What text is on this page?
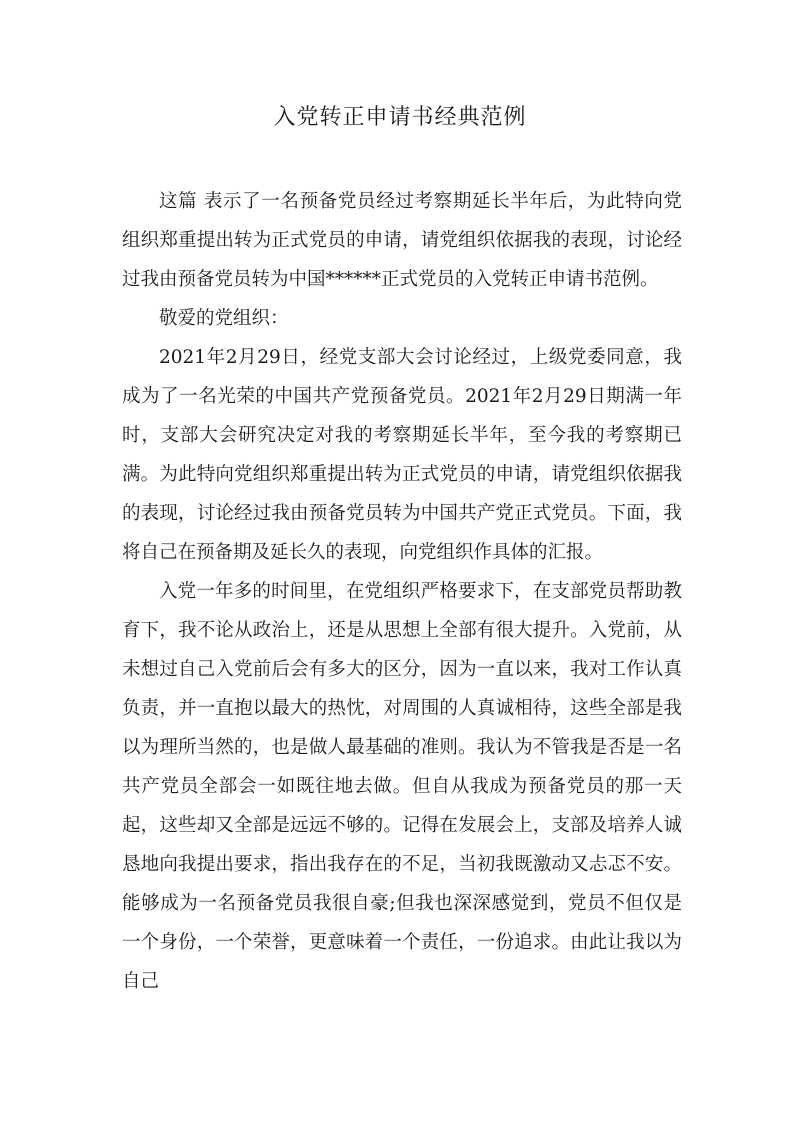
入党转正申请书经典范例

这篇 表示了一名预备党员经过考察期延长半年后，为此特向党组织郑重提出转为正式党员的申请，请党组织依据我的表现，讨论经过我由预备党员转为中国******正式党员的入党转正申请书范例。

敬爱的党组织：

2021年2月29日，经党支部大会讨论经过，上级党委同意，我成为了一名光荣的中国共产党预备党员。2021年2月29日期满一年时，支部大会研究决定对我的考察期延长半年，至今我的考察期已满。为此特向党组织郑重提出转为正式党员的申请，请党组织依据我的表现，讨论经过我由预备党员转为中国共产党正式党员。下面，我将自己在预备期及延长久的表现，向党组织作具体的汇报。

入党一年多的时间里，在党组织严格要求下，在支部党员帮助教育下，我不论从政治上，还是从思想上全部有很大提升。入党前，从未想过自己入党前后会有多大的区分，因为一直以来，我对工作认真负责，并一直抱以最大的热忱，对周围的人真诚相待，这些全部是我以为理所当然的，也是做人最基础的准则。我认为不管我是否是一名共产党员全部会一如既往地去做。但自从我成为预备党员的那一天起，这些却又全部是远远不够的。记得在发展会上，支部及培养人诚恳地向我提出要求，指出我存在的不足，当初我既激动又忐忑不安。能够成为一名预备党员我很自豪;但我也深深感觉到，党员不但仅是一个身份，一个荣誉，更意味着一个责任，一份追求。由此让我以为自己
